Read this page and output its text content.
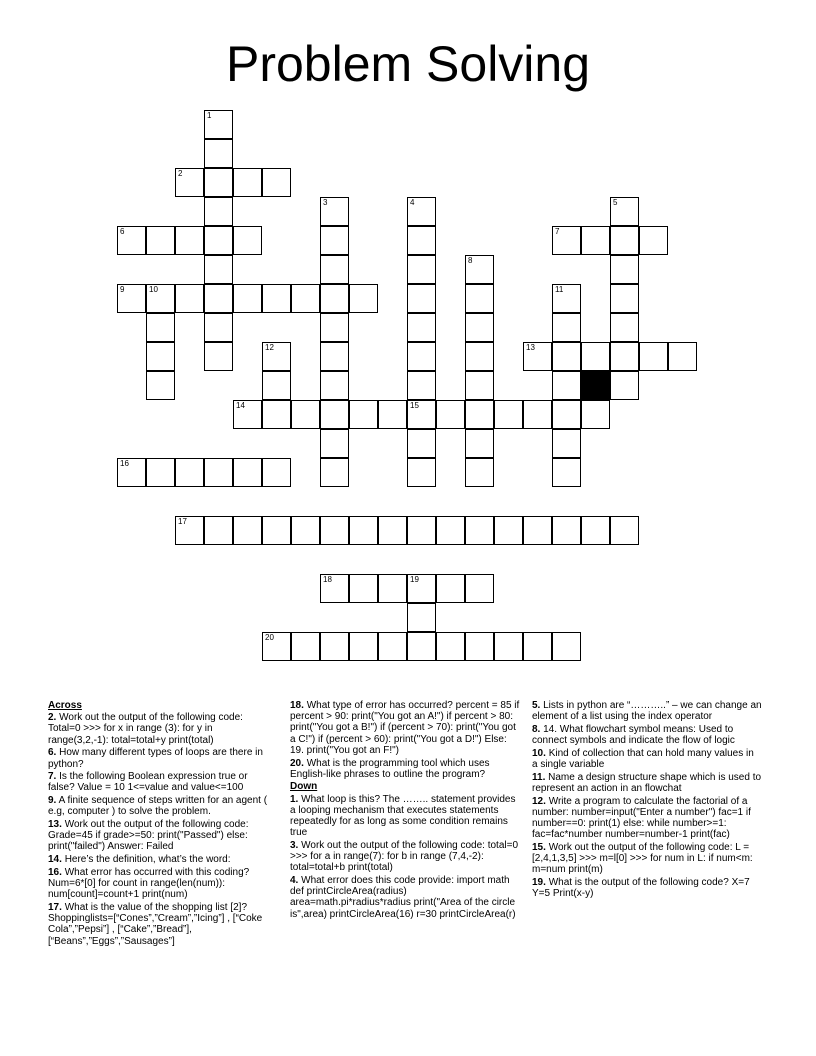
Problem Solving
1
2
3	4	5
6	7
8
9	10	11
12	13
14	15
16
17
18	19
20

Across

2. Work out the output of the following code: Total=0 >>> for x in range (3): for y in range(3,2,-1): total=total+y print(total)

6. How many different types of loops are there in python?

7. Is the following Boolean expression true or false? Value = 10 1<=value and value<=100

9. A finite sequence of steps written for an agent ( e.g, computer ) to solve the problem.

13. Work out the output of the following code: Grade=45 if grade>=50: print("Passed") else: print("failed") Answer: Failed

14. Here’s the definition, what’s the word:

16. What error has occurred with this coding? Num=6*[0] for count in range(len(num)): num[count]=count+1 print(num)

17. What is the value of the shopping list [2]? Shoppinglists=[“Cones”,”Cream”,”Icing”] , [“Coke Cola”,”Pepsi”] , [“Cake”,”Bread”],[“Beans”,”Eggs”,”Sausages”]

18. What type of error has occurred? percent = 85 if percent > 90: print("You got an A!") if percent > 80: print("You got a B!") if (percent > 70): print("You got a C!") if (percent > 60): print("You got a D!") Else: 19. print("You got an F!")

20. What is the programming tool which uses English-like phrases to outline the program?

Down

1. What loop is this? The …….. statement provides a looping mechanism that executes statements repeatedly for as long as some condition remains true

3. Work out the output of the following code: total=0 >>> for a in range(7): for b in range (7,4,-2): total=total+b print(total)

4. What error does this code provide: import math def printCircleArea(radius) area=math.pi*radius*radius print("Area of the circle is",area) printCircleArea(16) r=30 printCircleArea(r)

5. Lists in python are “………..” – we can change an element of a list using the index operator

8. 14. What flowchart symbol means: Used to connect symbols and indicate the flow of logic

10. Kind of collection that can hold many values in a single variable

11. Name a design structure shape which is used to represent an action in an flowchat

12. Write a program to calculate the factorial of a number: number=input("Enter a number") fac=1 if number==0: print(1) else: while number>=1: fac=fac*number number=number-1 print(fac)

15. Work out the output of the following code: L = [2,4,1,3,5] >>> m=l[0] >>> for num in L: if num<m: m=num print(m)

19. What is the output of the following code? X=7 Y=5 Print(x-y)
